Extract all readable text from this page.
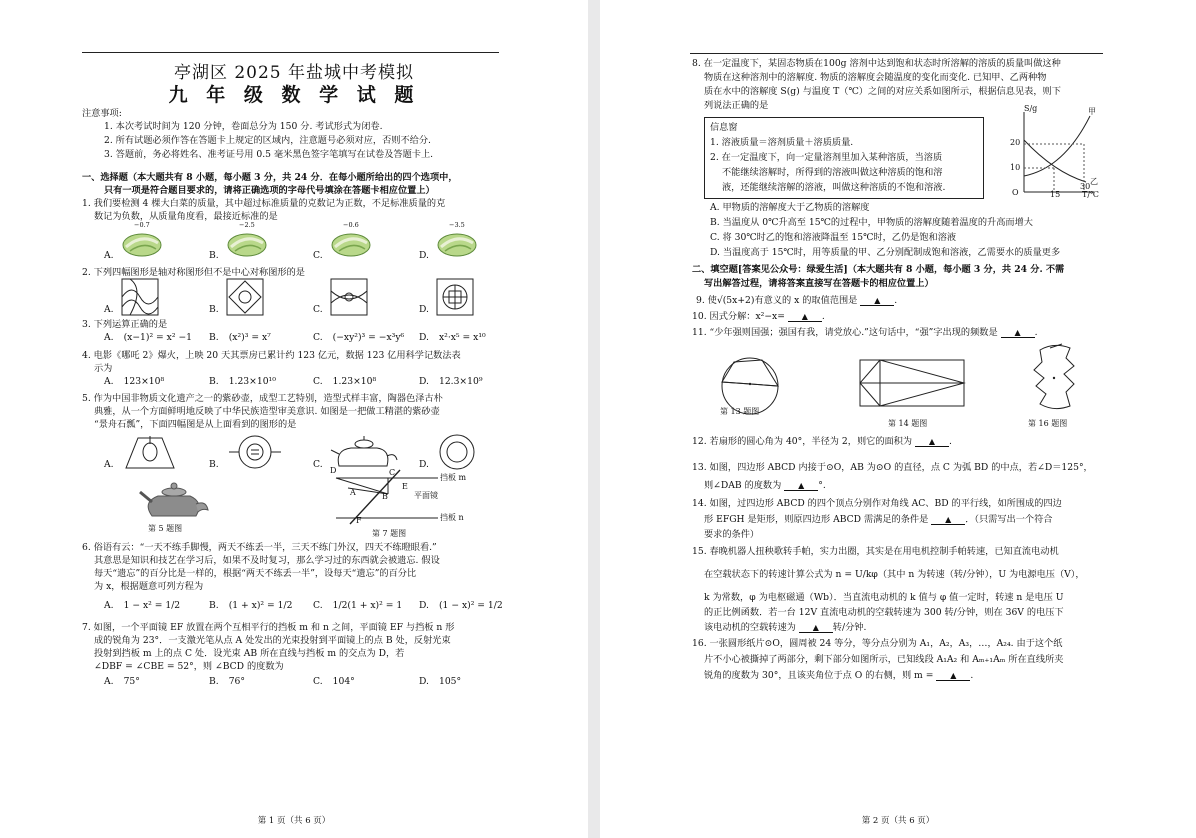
亭湖区 2025 年盐城中考模拟
九 年 级 数 学 试 题
注意事项:
1. 本次考试时间为 120 分钟，卷面总分为 150 分. 考试形式为闭卷.
2. 所有试题必须作答在答题卡上规定的区域内，注意题号必须对应，否则不给分.
3. 答题前，务必将姓名、准考证号用 0.5 毫米黑色签字笔填写在试卷及答题卡上.
一、选择题（本大题共有 8 小题，每小题 3 分，共 24 分．在每小题所给出的四个选项中，
只有一项是符合题目要求的，请将正确选项的字母代号填涂在答题卡相应位置上）
1. 我们要检测 4 棵大白菜的质量，其中超过标准质量的克数记为正数，不足标准质量的克
数记为负数，从质量角度看，最接近标准的是
2. 下列四幅图形是轴对称图形但不是中心对称图形的是
3. 下列运算正确的是
4. 电影《哪吒 2》爆火，上映 20 天其票房已累计约 123 亿元，数据 123 亿用科学记数法表
示为
5. 作为中国非物质文化遗产之一的紫砂壶，成型工艺特别，造型式样丰富，陶器色泽古朴
典雅，从一个方面鲜明地反映了中华民族造型审美意识. 如图是一把做工精湛的紫砂壶
“景舟石瓢”，下面四幅图是从上面看到的图形的是
A.	B.	C.	D.
第 5 题图
挡板 m
挡板 n
平面镜
D	C
A	B
E
F
第 7 题图
6. 俗语有云：“一天不练手脚慢，两天不练丢一半，三天不练门外汉，四天不练瞪眼看.”
其意思是知识和技艺在学习后，如果不及时复习，那么学习过的东西就会被遗忘. 假设
每天“遗忘”的百分比是一样的，根据“两天不练丢一半”，设每天“遗忘”的百分比
为 x，根据题意可列方程为
7. 如图，一个平面镜 EF 放置在两个互相平行的挡板 m 和 n 之间，平面镜 EF 与挡板 n 形
成的锐角为 23°．一支激光笔从点 A 处发出的光束投射到平面镜上的点 B 处，反射光束
投射到挡板 m 上的点 C 处．设光束 AB 所在直线与挡板 m 的交点为 D，若
∠DBF = ∠CBE = 52°，则 ∠BCD 的度数为
第 1 页（共 6 页）
A. (x−1)² = x² −1 B. (x²)³ = x⁷	C. (−xy²)³ = −x³y⁶ D. x²·x⁵ = x¹⁰
A. 123×10⁸	B. 1.23×10¹⁰	C. 1.23×10⁸	D. 12.3×10⁹
A. 1 − x² = 1/2	B. (1 + x)² = 1/2 C. 1/2(1 + x)² = 1 D. (1 − x)² = 1/2
A. 75°	B. 76°	C. 104°	D. 105°
A.
−0.7
B.
−2.5
C.
−0.6
D.
−3.5
A.	B.	C.	D.
8. 在一定温度下，某固态物质在100g 溶剂中达到饱和状态时所溶解的溶质的质量叫做这种
物质在这种溶剂中的溶解度. 物质的溶解度会随温度的变化而变化. 已知甲、乙两种物
质在水中的溶解度 S(g) 与温度 T（℃）之间的对应关系如图所示，根据信息见表，则下
列说法正确的是
信息窗
1. 溶液质量＝溶剂质量＋溶质质量.
2. 在一定温度下，向一定量溶剂里加入某种溶质，当溶质
不能继续溶解时，所得到的溶液叫做这种溶质的饱和溶
液，还能继续溶解的溶液，叫做这种溶质的不饱和溶液.
S/g
T/℃
20
10
O	15
30
甲
乙
A. 甲物质的溶解度大于乙物质的溶解度
B. 当温度从 0℃升高至 15℃的过程中，甲物质的溶解度随着温度的升高而增大
C. 将 30℃时乙的饱和溶液降温至 15℃时，乙仍是饱和溶液
D. 当温度高于 15℃时，用等质量的甲、乙分别配制成饱和溶液，乙需要水的质量更多
二、填空题[答案见公众号：绿爱生活]（本大题共有 8 小题，每小题 3 分，共 24 分. 不需
写出解答过程，请将答案直接写在答题卡的相应位置上）
9. 使√(5x+2)有意义的 x 的取值范围是 ▲ .
10. 因式分解：x²−x= ▲ .
11. “少年强则国强；强国有我，请党放心.”这句话中，“强”字出现的频数是 ▲ .
第 13 题图
第 14 题图	第 16 题图
12. 若扇形的圆心角为 40°，半径为 2，则它的面积为 ▲ .
13. 如图，四边形 ABCD 内接于⊙O，AB 为⊙O 的直径，点 C 为弧 BD 的中点，若∠D＝125°，
则∠DAB 的度数为 ▲ °.
14. 如图，过四边形 ABCD 的四个顶点分别作对角线 AC、BD 的平行线，如所围成的四边
形 EFGH 是矩形，则原四边形 ABCD 需满足的条件是 ▲ ．（只需写出一个符合
要求的条件）
15. 春晚机器人扭秧歌转手帕，实力出圈，其实是在用电机控制手帕转速，已知直流电动机
在空载状态下的转速计算公式为 n = U/kφ（其中 n 为转速（转/分钟），U 为电源电压（V），
k 为常数，φ 为电枢磁通（Wb）．当直流电动机的 k 值与 φ 值一定时，转速 n 是电压 U
的正比例函数．若一台 12V 直流电动机的空载转速为 300 转/分钟，则在 36V 的电压下
该电动机的空载转速为 ▲ 转/分钟.
16. 一张圆形纸片⊙O，圆周被 24 等分，等分点分别为 A₁，A₂，A₃，…，A₂₄. 由于这个纸
片不小心被撕掉了两部分，剩下部分如图所示，已知线段 A₁A₂ 和 Aₘ₊₁Aₘ 所在直线所夹
锐角的度数为 30°，且该夹角位于点 O 的右侧，则 m = ▲ .
第 2 页（共 6 页）
